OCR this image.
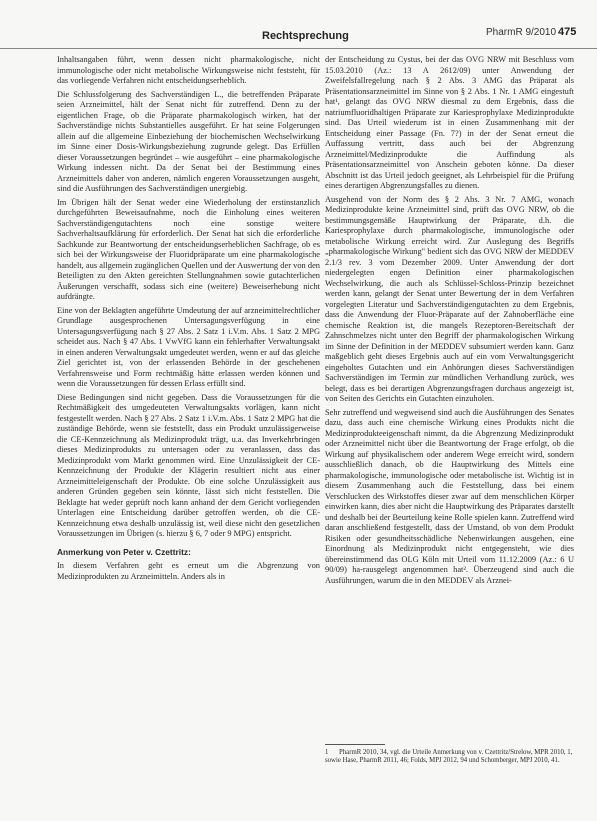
Rechtsprechung	PharmR 9/2010 475

Inhaltsangaben führt, wenn dessen nicht pharmakologische, nicht immunologische oder nicht metabolische Wirkungsweise nicht feststeht, für das vorliegende Verfahren nicht entscheidungserheblich.

Die Schlussfolgerung des Sachverständigen L., die betreffenden Präparate seien Arzneimittel, hält der Senat nicht für zutreffend. Denn zu der eigentlichen Frage, ob die Präparate pharmakologisch wirken, hat der Sachverständige nichts Substantielles ausgeführt. Er hat seine Folgerungen allein auf die allgemeine Einbeziehung der biochemischen Wechselwirkung im Sinne einer Dosis-Wirkungsbeziehung zugrunde gelegt. Das Erfüllen dieser Voraussetzungen begründet – wie ausgeführt – eine pharmakologische Wirkung indessen nicht. Da der Senat bei der Bestimmung eines Arzneimittels daher von anderen, nämlich engeren Voraussetzungen ausgeht, sind die Ausführungen des Sachverständigen unergiebig.

Im Übrigen hält der Senat weder eine Wiederholung der erstinstanzlich durchgeführten Beweisaufnahme, noch die Einholung eines weiteren Sachverständigengutachtens noch eine sonstige weitere Sachverhaltsaufklärung für erforderlich. Der Senat hat sich die erforderliche Sachkunde zur Beantwortung der entscheidungserheblichen Sachfrage, ob es sich bei der Wirkungsweise der Fluoridpräparate um eine pharmakologische handelt, aus allgemein zugänglichen Quellen und der Auswertung der von den Beteiligten zu den Akten gereichten Stellungnahmen sowie gutachterlichen Äußerungen verschafft, sodass sich eine (weitere) Beweiserhebung nicht aufdrängte.

Eine von der Beklagten angeführte Umdeutung der auf arzneimittelrechtlicher Grundlage ausgesprochenen Untersagungsverfügung in eine Untersagungsverfügung nach § 27 Abs. 2 Satz 1 i.V.m. Abs. 1 Satz 2 MPG scheidet aus. Nach § 47 Abs. 1 VwVfG kann ein fehlerhafter Verwaltungsakt in einen anderen Verwaltungsakt umgedeutet werden, wenn er auf das gleiche Ziel gerichtet ist, von der erlassenden Behörde in der geschehenen Verfahrensweise und Form rechtmäßig hätte erlassen werden können und wenn die Voraussetzungen für dessen Erlass erfüllt sind.

Diese Bedingungen sind nicht gegeben. Dass die Voraussetzungen für die Rechtmäßigkeit des umgedeuteten Verwaltungsakts vorlägen, kann nicht festgestellt werden. Nach § 27 Abs. 2 Satz 1 i.V.m. Abs. 1 Satz 2 MPG hat die zuständige Behörde, wenn sie feststellt, dass ein Produkt unzulässigerweise die CE-Kennzeichnung als Medizinprodukt trägt, u.a. das Inverkehrbringen dieses Medizinprodukts zu untersagen oder zu veranlassen, dass das Medizinprodukt vom Markt genommen wird. Eine Unzulässigkeit der CE-Kennzeichnung der Produkte der Klägerin resultiert nicht aus einer Arzneimitteleigenschaft der Produkte. Ob eine solche Unzulässigkeit aus anderen Gründen gegeben sein könnte, lässt sich nicht feststellen. Die Beklagte hat weder geprüft noch kann anhand der dem Gericht vorliegenden Unterlagen eine Entscheidung darüber getroffen werden, ob die CE-Kennzeichnung etwa deshalb unzulässig ist, weil diese nicht den gesetzlichen Voraussetzungen im Übrigen (s. hierzu § 6, 7 oder 9 MPG) entspricht.

Anmerkung von Peter v. Czettritz:

In diesem Verfahren geht es erneut um die Abgrenzung von Medizinprodukten zu Arzneimitteln. Anders als in

der Entscheidung zu Cystus, bei der das OVG NRW mit Beschluss vom 15.03.2010 (Az.: 13 A 2612/09) unter Anwendung der Zweifelsfallregelung nach § 2 Abs. 3 AMG das Präparat als Präsentationsarzneimittel im Sinne von § 2 Abs. 1 Nr. 1 AMG eingestuft hat¹, gelangt das OVG NRW diesmal zu dem Ergebnis, dass die natriumfluoridhaltigen Präparate zur Kariesprophylaxe Medizinprodukte sind. Das Urteil wiederum ist in einen Zusammenhang mit der Entscheidung einer Passage (Fn. 7?) in der der Senat erneut die Auffassung vertritt, dass auch bei der Abgrenzung Arzneimittel/Medizinprodukte die Auffindung als Präsentationsarzneimittel von Anschein geboten könne. Da dieser Abschnitt ist das Urteil jedoch geeignet, als Lehrbeispiel für die Prüfung eines derartigen Abgrenzungsfalles zu dienen.

Ausgehend von der Norm des § 2 Abs. 3 Nr. 7 AMG, wonach Medizinprodukte keine Arzneimittel sind, prüft das OVG NRW, ob die bestimmungsgemäße Hauptwirkung der Präparate, d.h. die Kariesprophylaxe durch pharmakologische, immunologische oder metabolische Wirkung erreicht wird. Zur Auslegung des Begriffs „pharmakologische Wirkung" bedient sich das OVG NRW der MEDDEV 2.1/3 rev. 3 vom Dezember 2009. Unter Anwendung der dort niedergelegten engen Definition einer pharmakologischen Wechselwirkung, die auch als Schlüssel-Schloss-Prinzip bezeichnet werden kann, gelangt der Senat unter Bewertung der in dem Verfahren vorgelegten Literatur und Sachverständigengutachten zu dem Ergebnis, dass die Anwendung der Fluor-Präparate auf der Zahnoberfläche eine chemische Reaktion ist, die mangels Rezeptoren-Bereitschaft der Zahnschmelzes nicht unter den Begriff der pharmakologischen Wirkung im Sinne der Definition in der MEDDEV subsumiert werden kann. Ganz maßgeblich geht dieses Ergebnis auch auf ein vom Verwaltungsgericht eingeholtes Gutachten und ein Anhörungen dieses Sachverständigen Sachverständigen im Termin zur mündlichen Verhandlung zurück, wes belegt, dass es bei derartigen Abgrenzungsfragen durchaus angezeigt ist, von Seiten des Gerichts ein Gutachten einzuholen.

Sehr zutreffend und wegweisend sind auch die Ausführungen des Senates dazu, dass auch eine chemische Wirkung eines Produkts nicht die Medizinprodukteeigenschaft nimmt, da die Abgrenzung Medizinprodukt oder Arzneimittel nicht über die Beantwortung der Frage erfolgt, ob die Wirkung auf physikalischem oder anderem Wege erreicht wird, sondern ausschließlich danach, ob die Hauptwirkung des Mittels eine pharmakologische, immunologische oder metabolische ist. Wichtig ist in diesem Zusammenhang auch die Feststellung, dass bei einem Verschlucken des Wirkstoffes dieser zwar auf dem menschlichen Körper einwirken kann, dies aber nicht die Hauptwirkung des Präparates darstellt und deshalb bei der Beurteilung keine Rolle spielen kann. Zutreffend wird daran anschließend festgestellt, dass der Umstand, ob von dem Produkt Risiken oder gesundheitsschädliche Nebenwirkungen ausgehen, eine Einordnung als Medizinprodukt nicht entgegensteht, wie dies übereinstimmend das OLG Köln mit Urteil vom 11.12.2009 (Az.: 6 U 90/09) ha-rausgelegt angenommen hat². Überzeugend sind auch die Ausführungen, warum die in den MEDDEV als Arznei-

1 PharmR 2010, 34, vgl. die Urteile Anmerkung von v. Czettritz/Strelow, MPR 2010, 1, sowie Hase, PharmR 2011, 46; Folds, MPJ 2012, 94 und Schomberger, MPJ 2010, 41.
